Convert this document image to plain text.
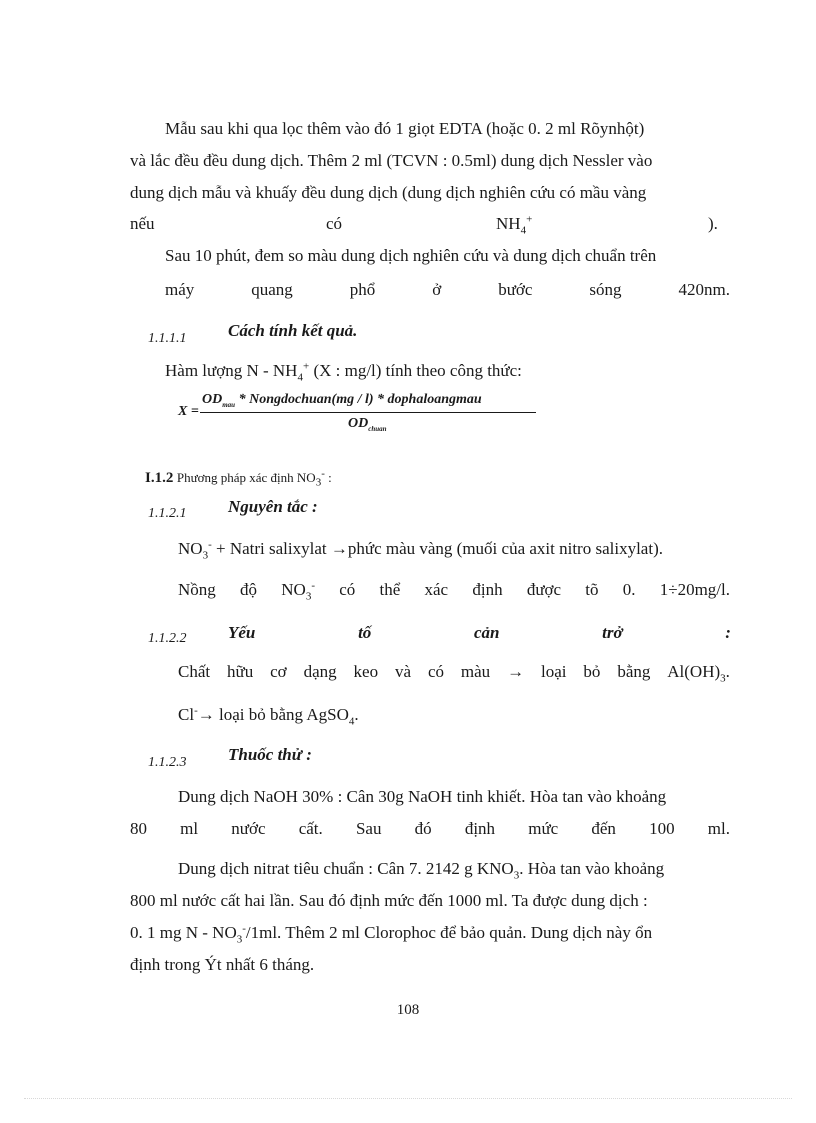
Mẫu sau khi qua lọc thêm vào đó 1 giọt EDTA (hoặc 0. 2 ml Rõynhột)
và lắc đều đều dung dịch. Thêm 2 ml (TCVN : 0.5ml) dung dịch Nessler vào
dung dịch mẫu và khuấy đều dung dịch (dung dịch nghiên cứu có mầu vàng
nếu	có	$NH_4^+$	).
Sau 10 phút, đem so màu dung dịch nghiên cứu và dung dịch chuẩn trên
máy	quang	phổ	ở	bước	sóng	420nm.
1.1.1.1 Cách tính kết quả.
Hàm lượng N - $NH_4^+$ (X : mg/l) tính theo công thức:
X =
$OD_{mau}$ * Nongdochuan(mg / l) * dophaloangmau
$OD_{chuan}$
I.1.2 Phương pháp xác định $NO_3^-$ :
1.1.2.1 Nguyên tắc :
$NO_3^-$ + Natri salixylat →phức màu vàng (muối của axit nitro salixylat).
Nồng độ $NO_3^-$ có thể xác định được tõ 0. 1÷20mg/l.
1.1.2.2 Yếu	tố	cản	trở	:
Chất hữu cơ dạng keo và có màu → loại bỏ bằng $Al(OH)_3$.
Cl-→ loại bỏ bằng AgSO$_4$.
1.1.2.3 Thuốc thử :
Dung dịch NaOH 30% : Cân 30g NaOH tinh khiết. Hòa tan vào khoảng
80 ml nước cất. Sau đó định mức đến 100 ml.
Dung dịch nitrat tiêu chuẩn : Cân 7. 2142 g $KNO_3$. Hòa tan vào khoảng
800 ml nước cất hai lần. Sau đó định mức đến 1000 ml. Ta được dung dịch :
0. 1 mg N - $NO_3^-/1ml$. Thêm 2 ml Clorophoc để bảo quản. Dung dịch này ổn
định trong Ýt nhất 6 tháng.
108
